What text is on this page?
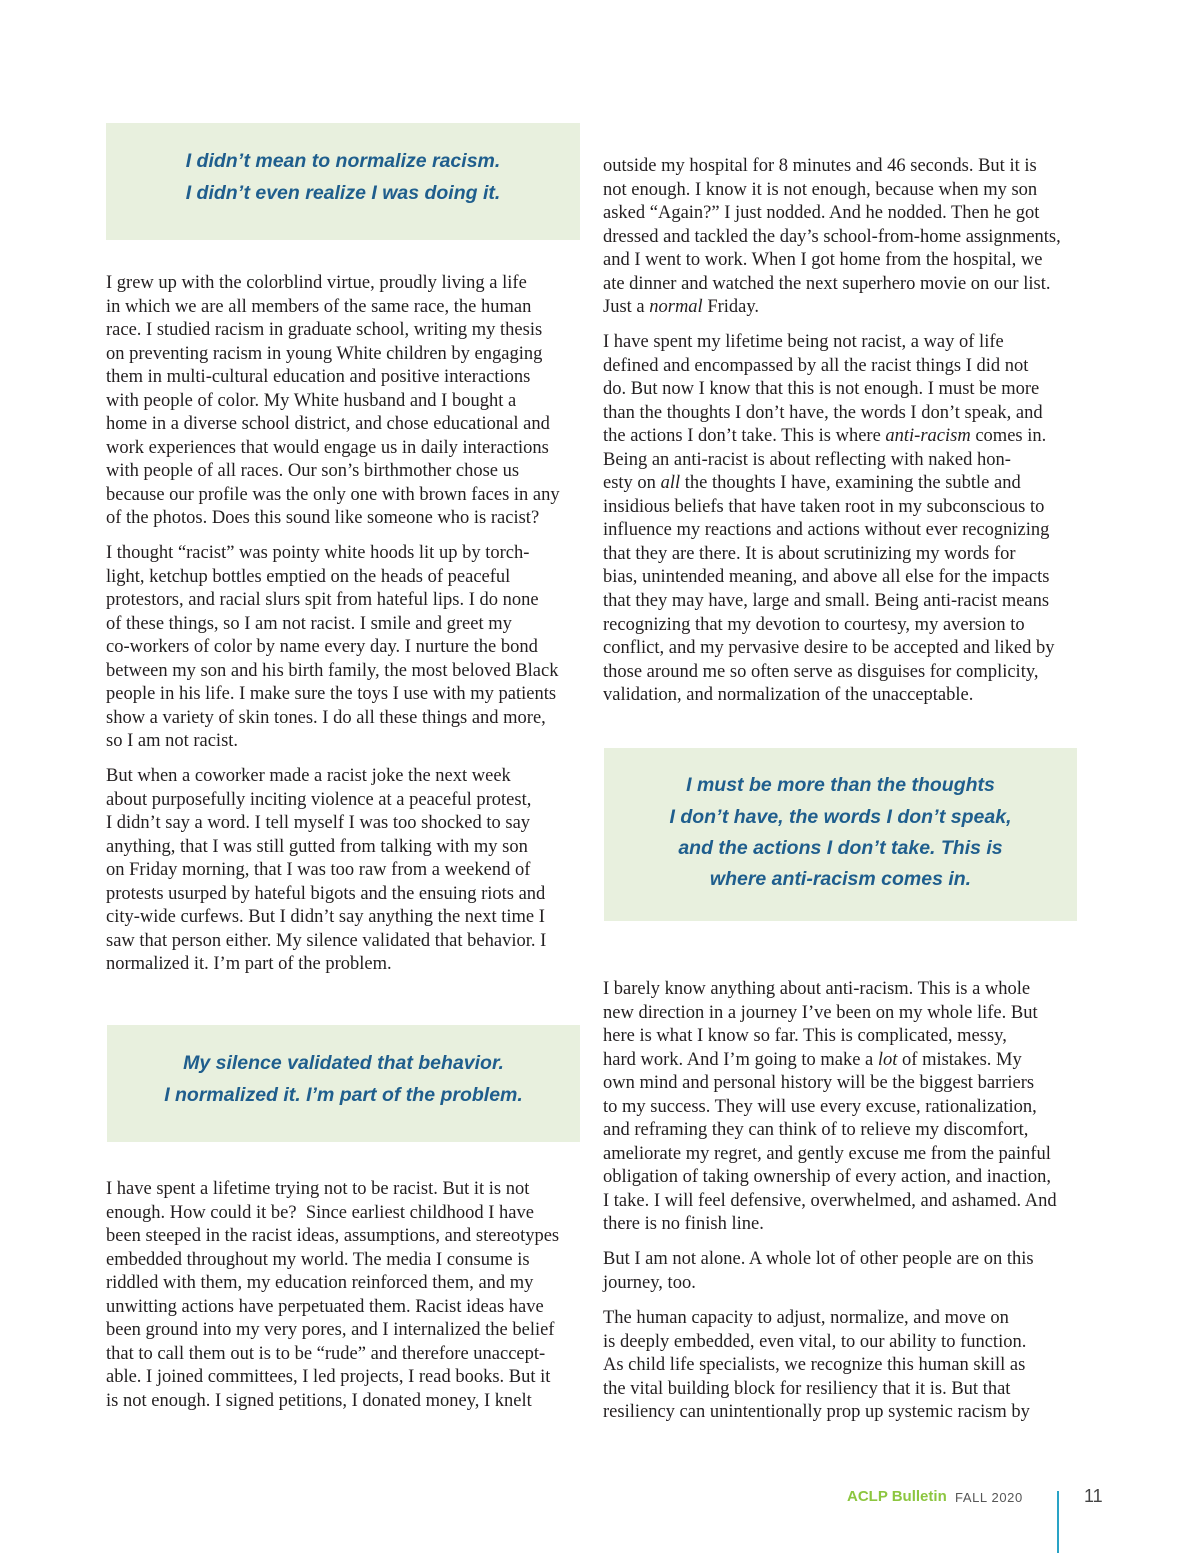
I didn’t mean to normalize racism.
I didn’t even realize I was doing it.
I grew up with the colorblind virtue, proudly living a life
in which we are all members of the same race, the human
race. I studied racism in graduate school, writing my thesis
on preventing racism in young White children by engaging
them in multi-cultural education and positive interactions
with people of color. My White husband and I bought a
home in a diverse school district, and chose educational and
work experiences that would engage us in daily interactions
with people of all races. Our son’s birthmother chose us
because our profile was the only one with brown faces in any
of the photos. Does this sound like someone who is racist?
I thought “racist” was pointy white hoods lit up by torch-
light, ketchup bottles emptied on the heads of peaceful
protestors, and racial slurs spit from hateful lips. I do none
of these things, so I am not racist. I smile and greet my
co-workers of color by name every day. I nurture the bond
between my son and his birth family, the most beloved Black
people in his life. I make sure the toys I use with my patients
show a variety of skin tones. I do all these things and more,
so I am not racist.
But when a coworker made a racist joke the next week
about purposefully inciting violence at a peaceful protest,
I didn’t say a word. I tell myself I was too shocked to say
anything, that I was still gutted from talking with my son
on Friday morning, that I was too raw from a weekend of
protests usurped by hateful bigots and the ensuing riots and
city-wide curfews. But I didn’t say anything the next time I
saw that person either. My silence validated that behavior. I
normalized it. I’m part of the problem.
My silence validated that behavior.
I normalized it. I’m part of the problem.
I have spent a lifetime trying not to be racist. But it is not
enough. How could it be?  Since earliest childhood I have
been steeped in the racist ideas, assumptions, and stereotypes
embedded throughout my world. The media I consume is
riddled with them, my education reinforced them, and my
unwitting actions have perpetuated them. Racist ideas have
been ground into my very pores, and I internalized the belief
that to call them out is to be “rude” and therefore unaccept-
able. I joined committees, I led projects, I read books. But it
is not enough. I signed petitions, I donated money, I knelt
outside my hospital for 8 minutes and 46 seconds. But it is
not enough. I know it is not enough, because when my son
asked “Again?” I just nodded. And he nodded. Then he got
dressed and tackled the day’s school-from-home assignments,
and I went to work. When I got home from the hospital, we
ate dinner and watched the next superhero movie on our list.
Just a normal Friday.
I have spent my lifetime being not racist, a way of life
defined and encompassed by all the racist things I did not
do. But now I know that this is not enough. I must be more
than the thoughts I don’t have, the words I don’t speak, and
the actions I don’t take. This is where anti-racism comes in.
Being an anti-racist is about reflecting with naked hon-
esty on all the thoughts I have, examining the subtle and
insidious beliefs that have taken root in my subconscious to
influence my reactions and actions without ever recognizing
that they are there. It is about scrutinizing my words for
bias, unintended meaning, and above all else for the impacts
that they may have, large and small. Being anti-racist means
recognizing that my devotion to courtesy, my aversion to
conflict, and my pervasive desire to be accepted and liked by
those around me so often serve as disguises for complicity,
validation, and normalization of the unacceptable.
I must be more than the thoughts
I don’t have, the words I don’t speak,
and the actions I don’t take. This is
where anti-racism comes in.
I barely know anything about anti-racism. This is a whole
new direction in a journey I’ve been on my whole life. But
here is what I know so far. This is complicated, messy,
hard work. And I’m going to make a lot of mistakes. My
own mind and personal history will be the biggest barriers
to my success. They will use every excuse, rationalization,
and reframing they can think of to relieve my discomfort,
ameliorate my regret, and gently excuse me from the painful
obligation of taking ownership of every action, and inaction,
I take. I will feel defensive, overwhelmed, and ashamed. And
there is no finish line.
But I am not alone. A whole lot of other people are on this
journey, too.
The human capacity to adjust, normalize, and move on
is deeply embedded, even vital, to our ability to function.
As child life specialists, we recognize this human skill as
the vital building block for resiliency that it is. But that
resiliency can unintentionally prop up systemic racism by
ACLP Bulletin FALL 2020	11
